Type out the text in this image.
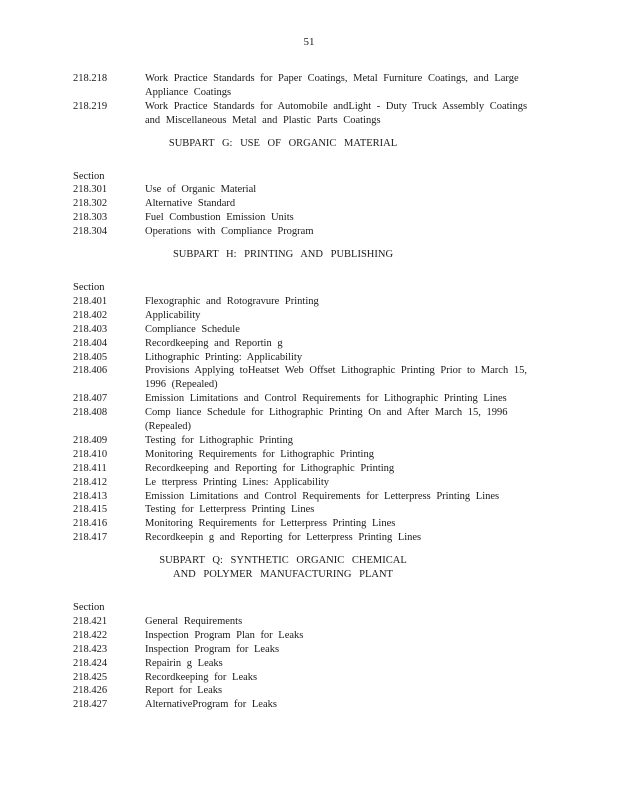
51
218.218	Work Practice Standards for Paper Coatings, Metal Furniture Coatings, and Large Appliance Coatings
218.219	Work Practice Standards for Automobile andLight - Duty Truck Assembly Coatings and Miscellaneous Metal and Plastic Parts Coatings
SUBPART G: USE OF ORGANIC MATERIAL
Section
218.301	Use of Organic Material
218.302	Alternative Standard
218.303	Fuel Combustion Emission Units
218.304	Operations with Compliance Program
SUBPART H: PRINTING AND PUBLISHING
Section
218.401	Flexographic and Rotogravure Printing
218.402	Applicability
218.403	Compliance Schedule
218.404	Recordkeeping and Reportin g
218.405	Lithographic Printing: Applicability
218.406	Provisions Applying toHeatset Web Offset Lithographic Printing Prior to March 15, 1996 (Repealed)
218.407	Emission Limitations and Control Requirements for Lithographic Printing Lines
218.408	Comp liance Schedule for Lithographic Printing On and After March 15, 1996 (Repealed)
218.409	Testing for Lithographic Printing
218.410	Monitoring Requirements for Lithographic Printing
218.411	Recordkeeping and Reporting for Lithographic Printing
218.412	Le tterpress Printing Lines: Applicability
218.413	Emission Limitations and Control Requirements for Letterpress Printing Lines
218.415	Testing for Letterpress Printing Lines
218.416	Monitoring Requirements for Letterpress Printing Lines
218.417	Recordkeepin g and Reporting for Letterpress Printing Lines
SUBPART Q: SYNTHETIC ORGANIC CHEMICAL
AND POLYMER MANUFACTURING PLANT
Section
218.421	General Requirements
218.422	Inspection Program Plan for Leaks
218.423	Inspection Program for Leaks
218.424	Repairin g Leaks
218.425	Recordkeeping for Leaks
218.426	Report for Leaks
218.427	AlternativeProgram for Leaks
